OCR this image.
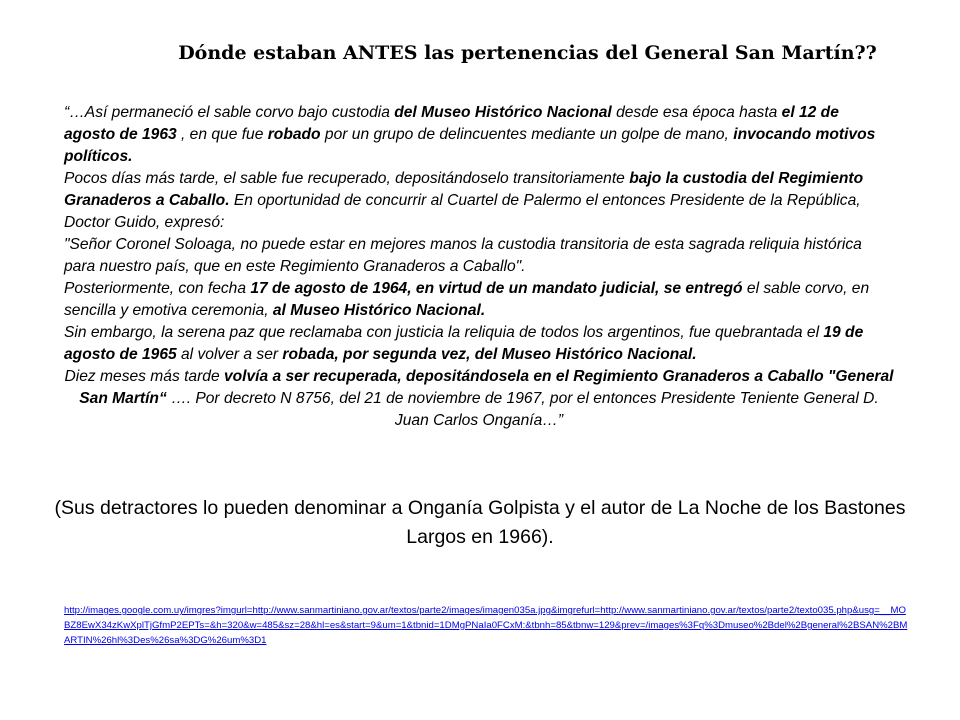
Dónde estaban ANTES las pertenencias del General San Martín??

“…Así permaneció el sable corvo bajo custodia del Museo Histórico Nacional desde esa época hasta el 12 de agosto de 1963 , en que fue robado por un grupo de delincuentes mediante un golpe de mano, invocando motivos políticos.

Pocos días más tarde, el sable fue recuperado, depositándoselo transitoriamente bajo la custodia del Regimiento Granaderos a Caballo. En oportunidad de concurrir al Cuartel de Palermo el entonces Presidente de la República, Doctor Guido, expresó:

"Señor Coronel Soloaga, no puede estar en mejores manos la custodia transitoria de esta sagrada reliquia histórica para nuestro país, que en este Regimiento Granaderos a Caballo".

Posteriormente, con fecha 17 de agosto de 1964, en virtud de un mandato judicial, se entregó el sable corvo, en sencilla y emotiva ceremonia, al Museo Histórico Nacional.

Sin embargo, la serena paz que reclamaba con justicia la reliquia de todos los argentinos, fue quebrantada el 19 de agosto de 1965 al volver a ser robada, por segunda vez, del Museo Histórico Nacional.

Diez meses más tarde volvía a ser recuperada, depositándosela en el Regimiento Granaderos a Caballo "General San Martín“ …. Por decreto N 8756, del 21 de noviembre de 1967, por el entonces Presidente Teniente General D. Juan Carlos Onganía…”

(Sus detractores lo pueden denominar a Onganía Golpista y el autor de La Noche de los Bastones Largos en 1966).
http://images.google.com.uy/imgres?imgurl=http://www.sanmartiniano.gov.ar/textos/parte2/images/imagen035a.jpg&imgrefurl=http://www.sanmartiniano.gov.ar/textos/parte2/texto035.php&usg=__MOBZ8EwX34zKwXplTjGfmP2EPTs=&h=320&w=485&sz=28&hl=es&start=9&um=1&tbnid=1DMgPNaIa0FCxM:&tbnh=85&tbnw=129&prev=/images%3Fq%3Dmuseo%2Bdel%2Bgeneral%2BSAN%2BMARTIN%26hl%3Des%26sa%3DG%26um%3D1
